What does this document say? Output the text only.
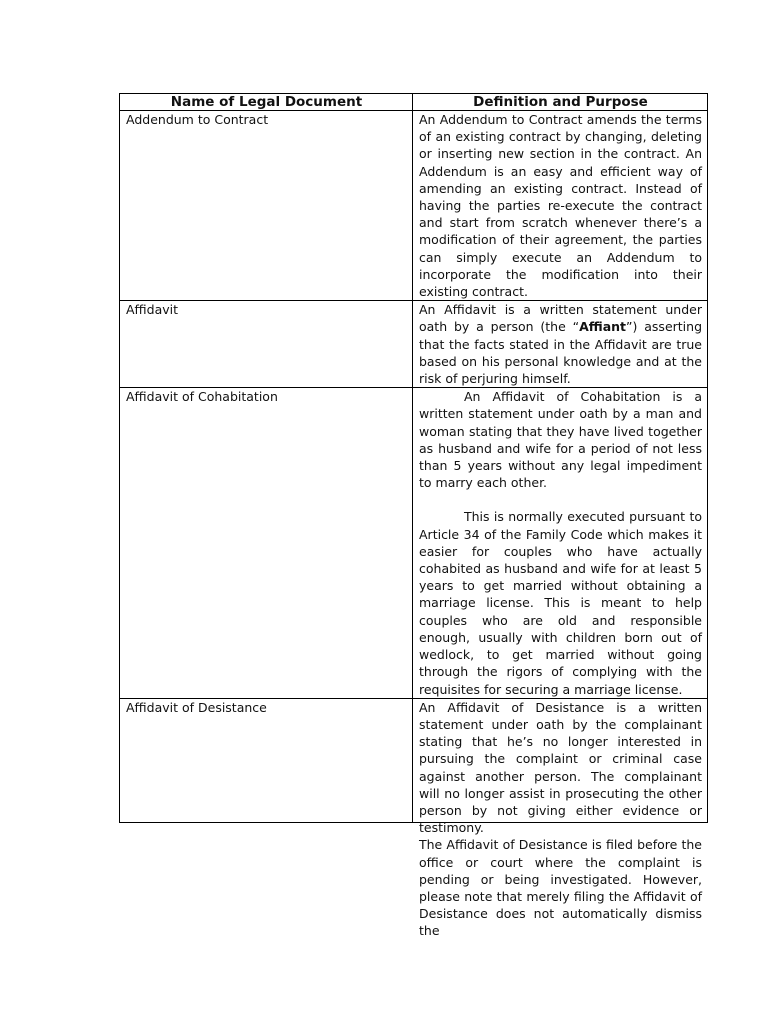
Name of Legal Document	Definition and Purpose
Addendum to Contract	An Addendum to Contract amends the terms of an existing contract by changing, deleting or inserting new section in the contract. An Addendum is an easy and efficient way of amending an existing contract. Instead of having the parties re-execute the contract and start from scratch whenever there’s a modification of their agreement, the parties can simply execute an Addendum to incorporate the modification into their existing contract.

Affidavit	An Affidavit is a written statement under oath by a person (the “Affiant”) asserting that the facts stated in the Affidavit are true based on his personal knowledge and at the risk of perjuring himself.

Affidavit of Cohabitation	An Affidavit of Cohabitation is a written statement under oath by a man and woman stating that they have lived together as husband and wife for a period of not less than 5 years without any legal impediment to marry each other.

This is normally executed pursuant to Article 34 of the Family Code which makes it easier for couples who have actually cohabited as husband and wife for at least 5 years to get married without obtaining a marriage license. This is meant to help couples who are old and responsible enough, usually with children born out of wedlock, to get married without going through the rigors of complying with the requisites for securing a marriage license.

Affidavit of Desistance	An Affidavit of Desistance is a written statement under oath by the complainant stating that he’s no longer interested in pursuing the complaint or criminal case against another person. The complainant will no longer assist in prosecuting the other person by not giving either evidence or testimony.

The Affidavit of Desistance is filed before the office or court where the complaint is pending or being investigated. However, please note that merely filing the Affidavit of Desistance does not automatically dismiss the
